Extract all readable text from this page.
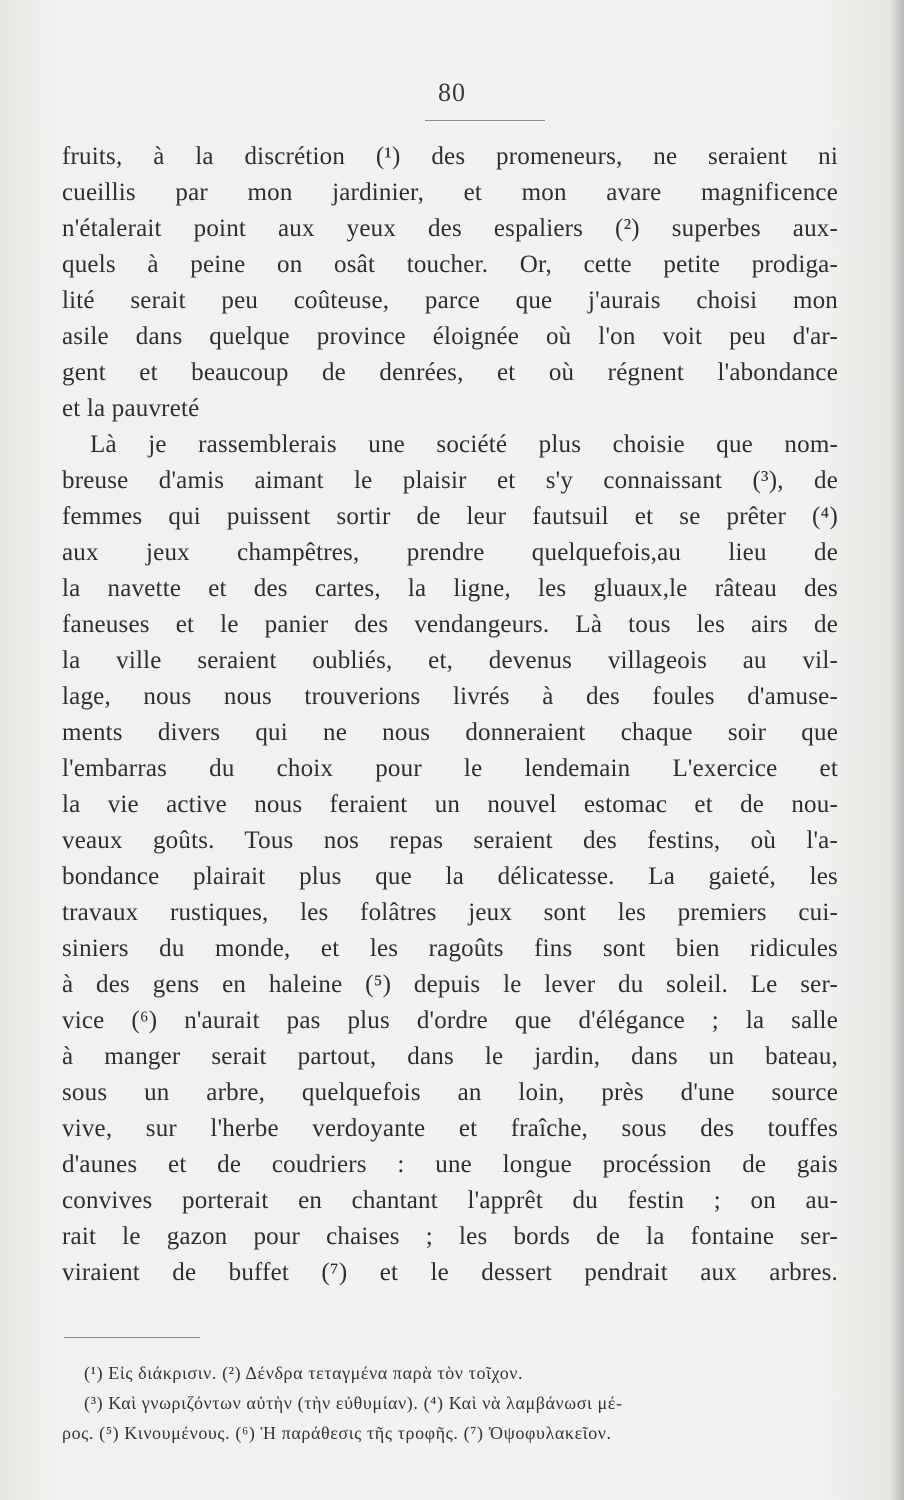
80
fruits, à la discrétion (¹) des promeneurs, ne seraient ni
cueillis par mon jardinier, et mon avare magnificence
n'étalerait point aux yeux des espaliers (²) superbes aux-
quels à peine on osât toucher. Or, cette petite prodiga-
lité serait peu coûteuse, parce que j'aurais choisi mon
asile dans quelque province éloignée où l'on voit peu d'ar-
gent et beaucoup de denrées, et où régnent l'abondance
et la pauvreté
Là je rassemblerais une société plus choisie que nom-
breuse d'amis aimant le plaisir et s'y connaissant (³), de
femmes qui puissent sortir de leur fautsuil et se prêter (⁴)
aux jeux champêtres, prendre quelquefois,au lieu de
la navette et des cartes, la ligne, les gluaux,le râteau des
faneuses et le panier des vendangeurs. Là tous les airs de
la ville seraient oubliés, et, devenus villageois au vil-
lage, nous nous trouverions livrés à des foules d'amuse-
ments divers qui ne nous donneraient chaque soir que
l'embarras du choix pour le lendemain L'exercice et
la vie active nous feraient un nouvel estomac et de nou-
veaux goûts. Tous nos repas seraient des festins, où l'a-
bondance plairait plus que la délicatesse. La gaieté, les
travaux rustiques, les folâtres jeux sont les premiers cui-
siniers du monde, et les ragoûts fins sont bien ridicules
à des gens en haleine (⁵) depuis le lever du soleil. Le ser-
vice (⁶) n'aurait pas plus d'ordre que d'élégance ; la salle
à manger serait partout, dans le jardin, dans un bateau,
sous un arbre, quelquefois an loin, près d'une source
vive, sur l'herbe verdoyante et fraîche, sous des touffes
d'aunes et de coudriers : une longue procéssion de gais
convives porterait en chantant l'apprêt du festin ; on au-
rait le gazon pour chaises ; les bords de la fontaine ser-
viraient de buffet (⁷) et le dessert pendrait aux arbres.
(¹) Εἰς διάκρισιν. (²) Δένδρα τεταγμένα παρὰ τὸν τοῖχον.
(³) Καὶ γνωριζόντων αὐτὴν (τὴν εὐθυμίαν). (⁴) Καὶ νὰ λαμβάνωσι μέ-
ρος. (⁵) Κινουμένους. (⁶) Ἡ παράθεσις τῆς τροφῆς. (⁷) Ὀψοφυλακεῖον.
